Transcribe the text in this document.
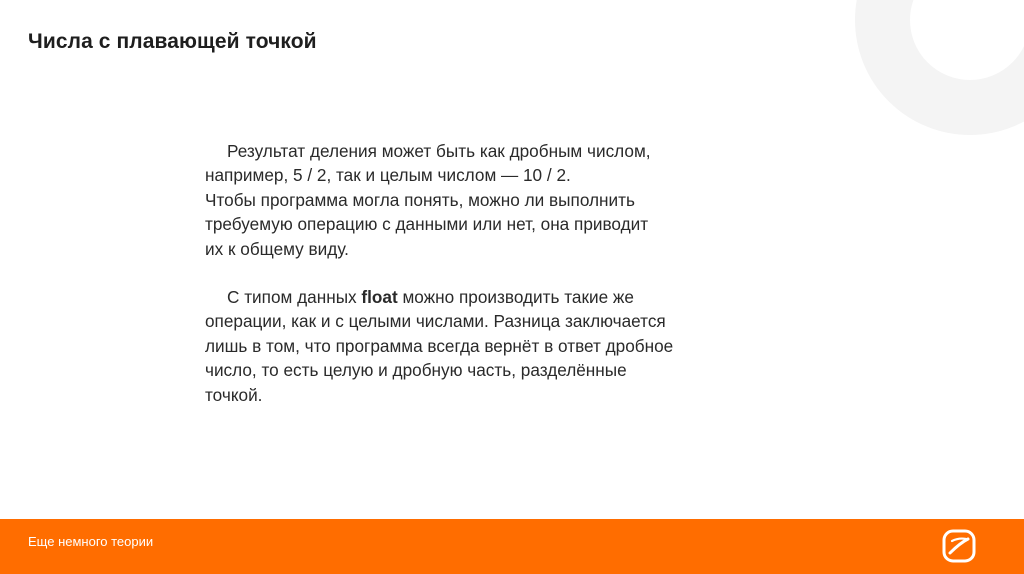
Числа с плавающей точкой

Результат деления может быть как дробным числом,
например, 5 / 2, так и целым числом — 10 / 2.
Чтобы программа могла понять, можно ли выполнить
требуемую операцию с данными или нет, она приводит
их к общему виду.

С типом данных float можно производить такие же
операции, как и с целыми числами. Разница заключается
лишь в том, что программа всегда вернёт в ответ дробное
число, то есть целую и дробную часть, разделённые
точкой.

Еще немного теории
